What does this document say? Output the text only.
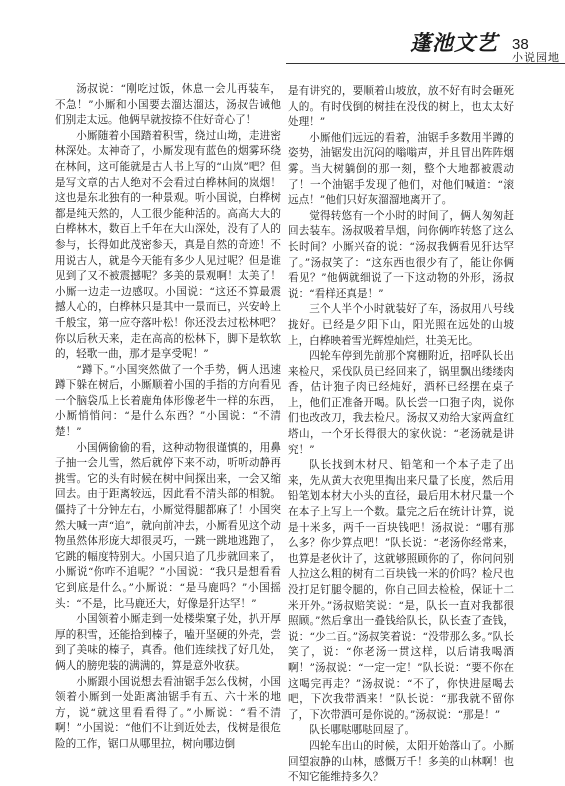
蓬池文艺 38
小说园地

汤叔说：“刚吃过饭，休息一会儿再装车，不急！”小厮和小国要去溜达溜达，汤叔告诫他们别走太远。他俩早就按捺不住好奇心了！

小厮随着小国踏着积雪，绕过山坳，走进密林深处。太神奇了，小厮发现有蓝色的烟雾环绕在林间，这可能就是古人书上写的“山岚”吧？但是写文章的古人绝对不会看过白桦林间的岚烟！这也是东北独有的一种景观。听小国说，白桦树都是纯天然的，人工很少能种活的。高高大大的白桦林木，数百上千年在大山深处，没有了人的参与，长得如此茂密参天，真是自然的奇迹！不用说古人，就是今天能有多少人见过呢？但是谁见到了又不被震撼呢？多美的景观啊！太美了！小厮一边走一边感叹。小国说：“这还不算最震撼人心的，白桦林只是其中一景而已，兴安岭上千般宝，第一应夺落叶松！你还没去过松林吧？你以后秋天来，走在高高的松林下，脚下是软软的，轻歌一曲，那才是享受呢！”

“蹲下。”小国突然做了一个手势，俩人迅速蹲下躲在树后，小厮顺着小国的手指的方向看见一个脑袋瓜上长着鹿角体形像老牛一样的东西，小厮悄悄问：“是什么东西？”小国说：“不清楚！”

小国俩偷偷的看，这种动物很谨慎的，用鼻子抽一会儿雪，然后就停下来不动，听听动静再挑雪。它的头有时候在树中间探出来，一会又缩回去。由于距离较远，因此看不清头部的相貌。僵持了十分钟左右，小厮觉得腿都麻了！小国突然大喊一声“追”，就向前冲去，小厮看见这个动物虽然体形庞大却很灵巧，一跳一跳地逃跑了，它跳的幅度特别大。小国只追了几步就回来了，小厮说“你咋不追呢？”小国说：“我只是想看看它到底是什么。”小厮说：“是马鹿吗？”小国摇头：“不是，比马鹿还大，好像是犴达罕！”

小国领着小厮走到一处楼柴窠子处，扒开厚厚的积雪，还能拾到榛子，嗑开坚硬的外壳，尝到了美味的榛子，真香。他们连续找了好几处，俩人的膀兜装的满满的，算是意外收获。

小厮跟小国说想去看油锯手怎么伐树，小国领着小厮到一处距离油锯手有五、六十米的地方，说“就这里看看得了。”小厮说：“看不清啊！”小国说：“他们不让到近处去，伐树是很危险的工作，锯口从哪里拉，树向哪边倒

是有讲究的，要顺着山坡放，放不好有时会砸死人的。有时伐倒的树挂在没伐的树上，也太太好处理！”

小厮他们远远的看着，油锯手多数用半蹲的姿势，油锯发出沉闷的嗡嗡声，并且冒出阵阵烟雾。当大树躺倒的那一刻，整个大地都被震动了！一个油锯手发现了他们，对他们喊道：“滚远点！”他们只好灰溜溜地离开了。

觉得转悠有一个小时的时间了，俩人匆匆赶回去装车。汤叔吸着旱烟，问你俩咋转悠了这么长时间？小厮兴奋的说：“汤叔我俩看见犴达罕了。”汤叔笑了：“这东西也很少有了，能让你俩看见？”他俩就细说了一下这动物的外形，汤叔说：“看样还真是！”

三个人半个小时就装好了车，汤叔用八号线拢好。已经是夕阳下山，阳光照在远处的山坡上，白桦映着雪光辉煌灿烂，壮美无比。

四轮车停到先前那个窝棚附近，招呼队长出来检尺，采伐队员已经回来了，锅里飘出缕缕肉香，估计狍子肉已经炖好，酒杯已经摆在桌子上，他们正准备开喝。队长尝一口狍子肉，说你们也改改刀，我去检尺。汤叔又劝给大家两盒红塔山，一个牙长得很大的家伙说：“老汤就是讲究！”

队长找到木材尺、铅笔和一个本子走了出来，先从黄大衣兜里掏出来尺量了长度，然后用铅笔划本材大小头的直径，最后用木材尺量一个在本子上写上一个数。量完之后在统计计算，说是十米多，两千一百块钱吧！汤叔说：“哪有那么多？你少算点吧！”队长说：“老汤你经常来，也算是老伙计了，这就够照顾你的了，你问问别人拉这么粗的树有二百块钱一米的价吗？检尺也没打足钉腿令腿的，你自己回去检检，保证十二米开外。”汤叔赔笑说：“是，队长一直对我都很照顾。”然后拿出一叠钱给队长，队长查了查钱，说：“少二百。”汤叔笑着说：“没带那么多。”队长笑了，说：“你老汤一贯这样，以后请我喝酒啊！”汤叔说：“一定一定！”队长说：“要不你在这喝完再走？”汤叔说：“不了，你快进屋喝去吧，下次我带酒来！”队长说：“那我就不留你了，下次带酒可是你说的。”汤叔说：“那是！”

队长哪哒哪哒回屋了。

四轮车出山的时候，太阳开始落山了。小厮回望寂静的山林，感慨万千！多美的山林啊！也不知它能维持多久？
